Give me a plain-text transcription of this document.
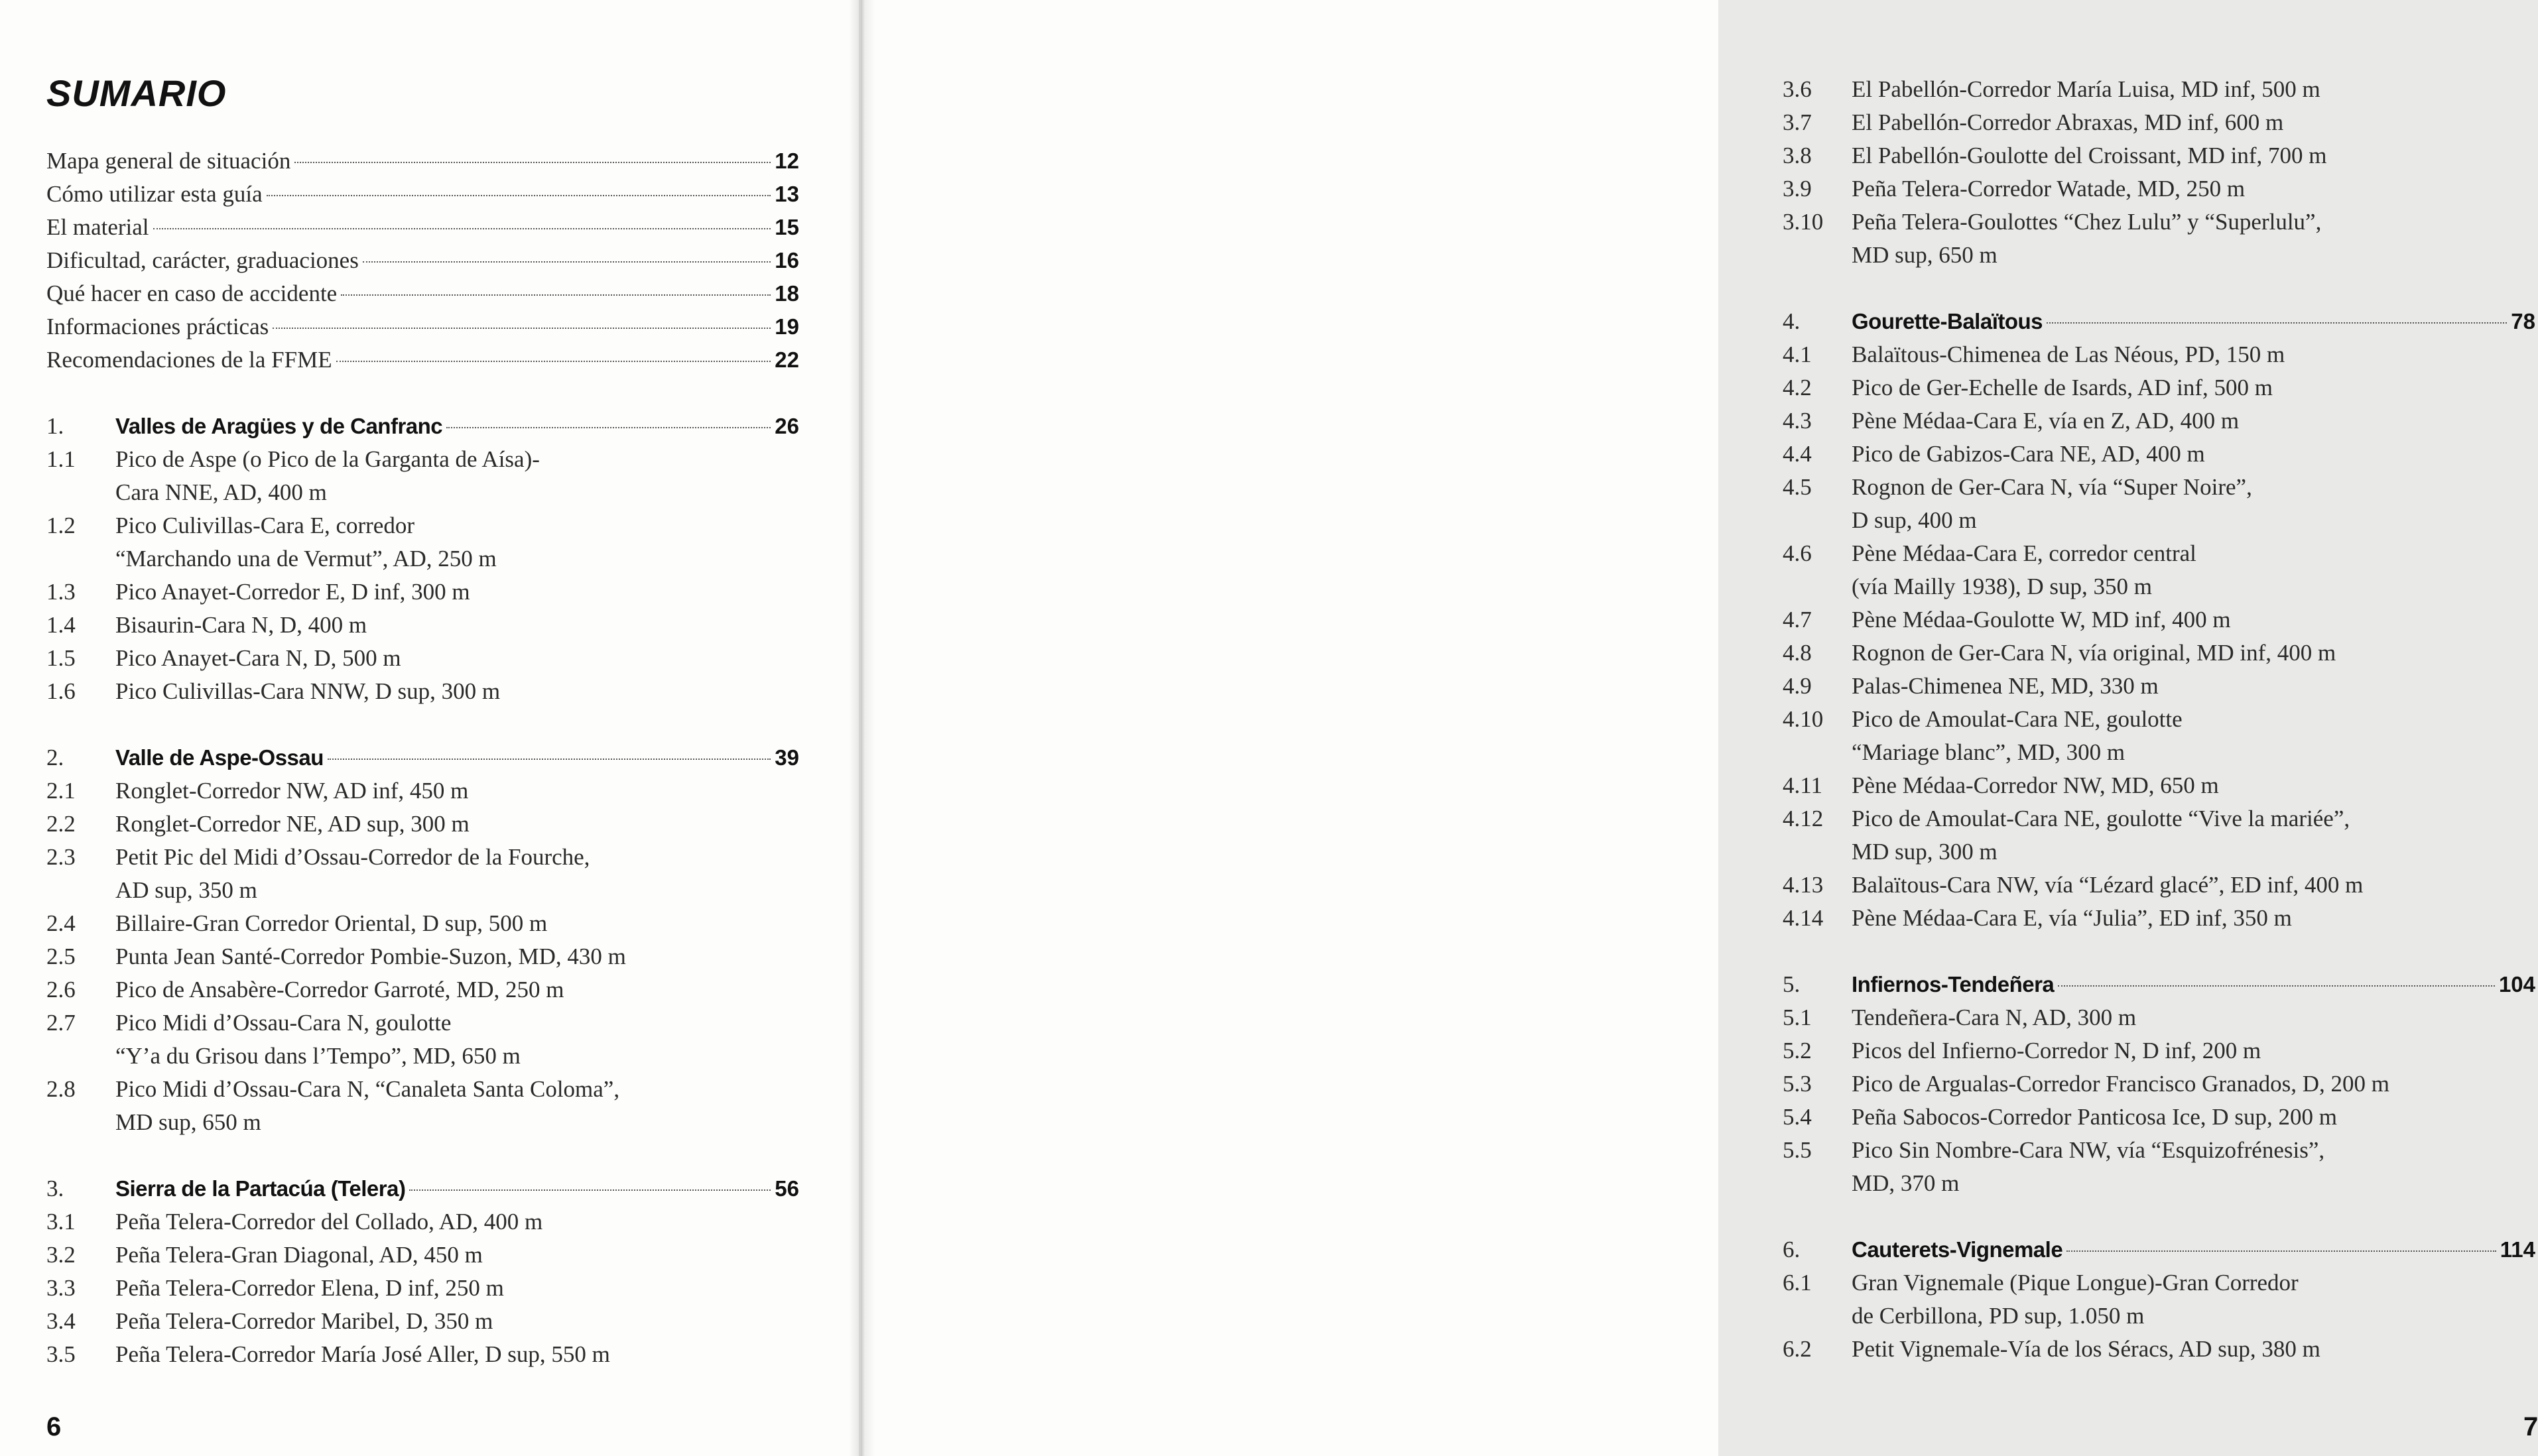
SUMARIO
Mapa general de situación	12
Cómo utilizar esta guía	13
El material	15
Dificultad, carácter, graduaciones	16
Qué hacer en caso de accidente	18
Informaciones prácticas	19
Recomendaciones de la FFME	22
1.	Valles de Aragües y de Canfranc	26
1.1	Pico de Aspe (o Pico de la Garganta de Aísa)-
Cara NNE, AD, 400 m
1.2	Pico Culivillas-Cara E, corredor
“Marchando una de Vermut”, AD, 250 m
1.3	Pico Anayet-Corredor E, D inf, 300 m
1.4	Bisaurin-Cara N, D, 400 m
1.5	Pico Anayet-Cara N, D, 500 m
1.6	Pico Culivillas-Cara NNW, D sup, 300 m
2.	Valle de Aspe-Ossau	39
2.1	Ronglet-Corredor NW, AD inf, 450 m
2.2	Ronglet-Corredor NE, AD sup, 300 m
2.3	Petit Pic del Midi d’Ossau-Corredor de la Fourche,
AD sup, 350 m
2.4	Billaire-Gran Corredor Oriental, D sup, 500 m
2.5	Punta Jean Santé-Corredor Pombie-Suzon, MD, 430 m
2.6	Pico de Ansabère-Corredor Garroté, MD, 250 m
2.7	Pico Midi d’Ossau-Cara N, goulotte
“Y’a du Grisou dans l’Tempo”, MD, 650 m
2.8	Pico Midi d’Ossau-Cara N, “Canaleta Santa Coloma”,
MD sup, 650 m
3.	Sierra de la Partacúa (Telera)	56
3.1	Peña Telera-Corredor del Collado, AD, 400 m
3.2	Peña Telera-Gran Diagonal, AD, 450 m
3.3	Peña Telera-Corredor Elena, D inf, 250 m
3.4	Peña Telera-Corredor Maribel, D, 350 m
3.5	Peña Telera-Corredor María José Aller, D sup, 550 m
6
3.6	El Pabellón-Corredor María Luisa, MD inf, 500 m
3.7	El Pabellón-Corredor Abraxas, MD inf, 600 m
3.8	El Pabellón-Goulotte del Croissant, MD inf, 700 m
3.9	Peña Telera-Corredor Watade, MD, 250 m
3.10	Peña Telera-Goulottes “Chez Lulu” y “Superlulu”,
MD sup, 650 m
4.	Gourette-Balaïtous	78
4.1	Balaïtous-Chimenea de Las Néous, PD, 150 m
4.2	Pico de Ger-Echelle de Isards, AD inf, 500 m
4.3	Pène Médaa-Cara E, vía en Z, AD, 400 m
4.4	Pico de Gabizos-Cara NE, AD, 400 m
4.5	Rognon de Ger-Cara N, vía “Super Noire”,
D sup, 400 m
4.6	Pène Médaa-Cara E, corredor central
(vía Mailly 1938), D sup, 350 m
4.7	Pène Médaa-Goulotte W, MD inf, 400 m
4.8	Rognon de Ger-Cara N, vía original, MD inf, 400 m
4.9	Palas-Chimenea NE, MD, 330 m
4.10	Pico de Amoulat-Cara NE, goulotte
“Mariage blanc”, MD, 300 m
4.11	Pène Médaa-Corredor NW, MD, 650 m
4.12	Pico de Amoulat-Cara NE, goulotte “Vive la mariée”,
MD sup, 300 m
4.13	Balaïtous-Cara NW, vía “Lézard glacé”, ED inf, 400 m
4.14	Pène Médaa-Cara E, vía “Julia”, ED inf, 350 m
5.	Infiernos-Tendeñera	104
5.1	Tendeñera-Cara N, AD, 300 m
5.2	Picos del Infierno-Corredor N, D inf, 200 m
5.3	Pico de Argualas-Corredor Francisco Granados, D, 200 m
5.4	Peña Sabocos-Corredor Panticosa Ice, D sup, 200 m
5.5	Pico Sin Nombre-Cara NW, vía “Esquizofrénesis”,
MD, 370 m
6.	Cauterets-Vignemale	114
6.1	Gran Vignemale (Pique Longue)-Gran Corredor
de Cerbillona, PD sup, 1.050 m
6.2	Petit Vignemale-Vía de los Séracs, AD sup, 380 m
7
